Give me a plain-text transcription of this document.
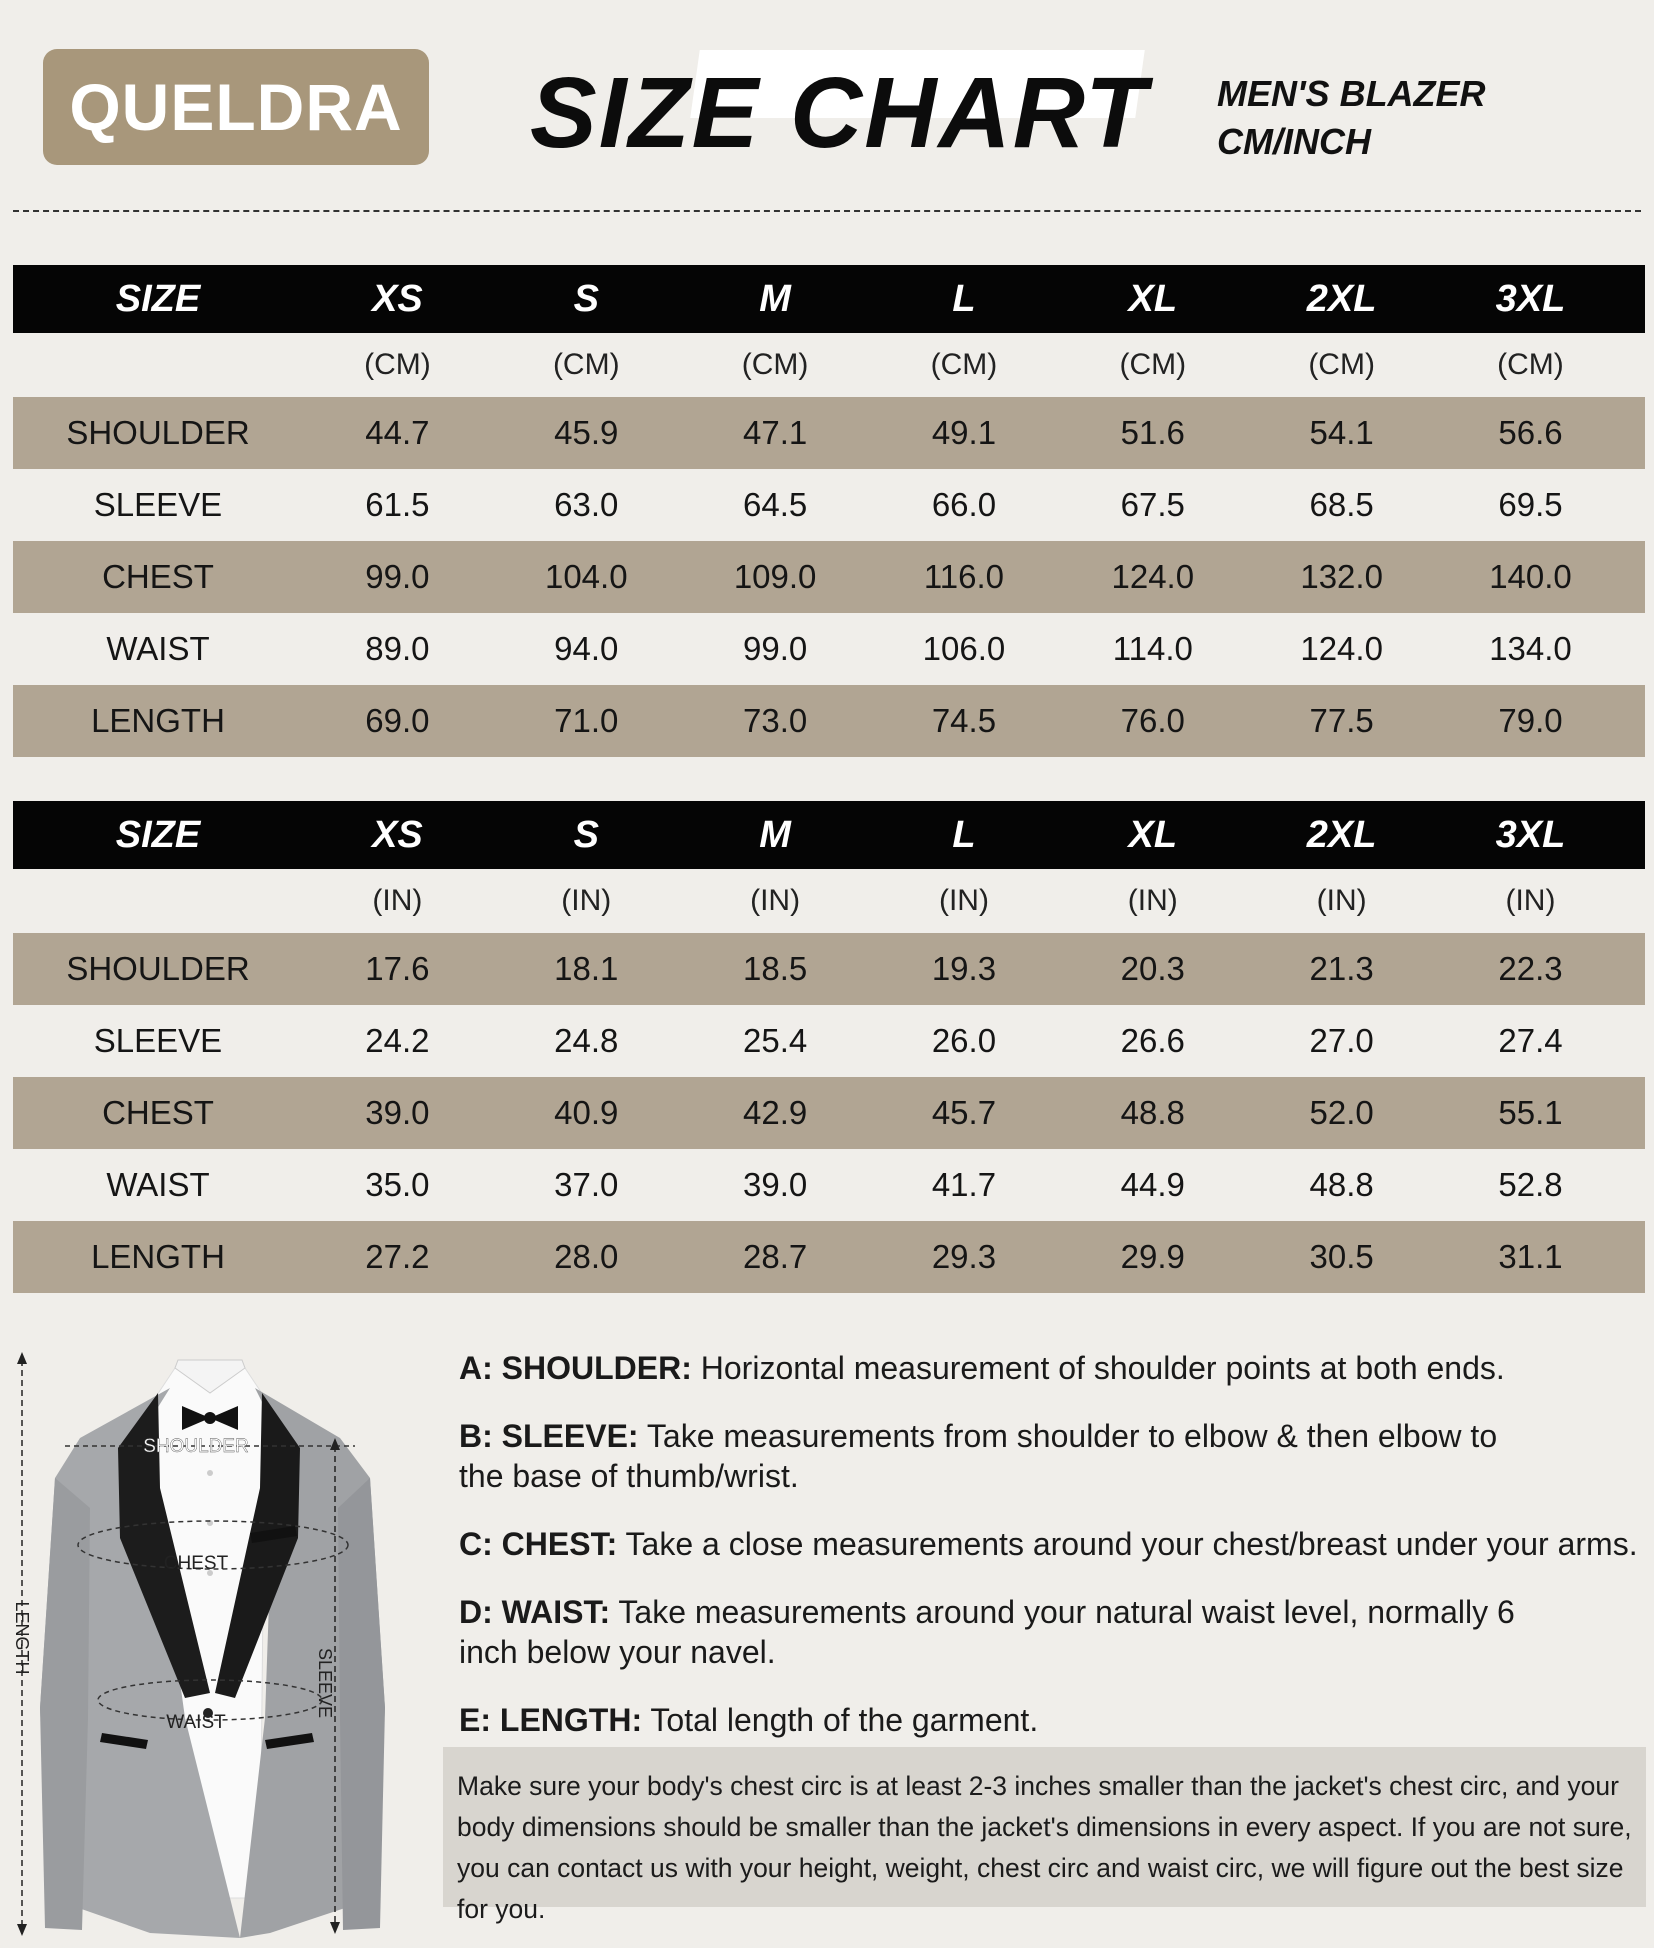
QUELDRA SIZE CHART MEN'S BLAZER
CM/INCH
SIZE	XS	S	M	L	XL	2XL	3XL
(CM)	(CM)	(CM)	(CM)	(CM)	(CM)	(CM)
SHOULDER	44.7	45.9	47.1	49.1	51.6	54.1	56.6
SLEEVE	61.5	63.0	64.5	66.0	67.5	68.5	69.5
CHEST	99.0	104.0	109.0	116.0	124.0	132.0	140.0
WAIST	89.0	94.0	99.0	106.0	114.0	124.0	134.0
LENGTH	69.0	71.0	73.0	74.5	76.0	77.5	79.0
SIZE	XS	S	M	L	XL	2XL	3XL
(IN)	(IN)	(IN)	(IN)	(IN)	(IN)	(IN)
SHOULDER	17.6	18.1	18.5	19.3	20.3	21.3	22.3
SLEEVE	24.2	24.8	25.4	26.0	26.6	27.0	27.4
CHEST	39.0	40.9	42.9	45.7	48.8	52.0	55.1
WAIST	35.0	37.0	39.0	41.7	44.9	48.8	52.8
LENGTH	27.2	28.0	28.7	29.3	29.9	30.5	31.1
SHOULDER
CHEST
WAIST
LENGTH
SLEEVE
A: SHOULDER: Horizontal measurement of shoulder points at both ends.
B: SLEEVE: Take measurements from shoulder to elbow & then elbow to the base of thumb/wrist.
C: CHEST: Take a close measurements around your chest/breast under your arms.
D: WAIST: Take measurements around your natural waist level, normally 6 inch below your navel.
E: LENGTH: Total length of the garment.
Make sure your body's chest circ is at least 2-3 inches smaller than the jacket's chest circ, and your body dimensions should be smaller than the jacket's dimensions in every aspect. If you are not sure, you can contact us with your height, weight, chest circ and waist circ, we will figure out the best size for you.
